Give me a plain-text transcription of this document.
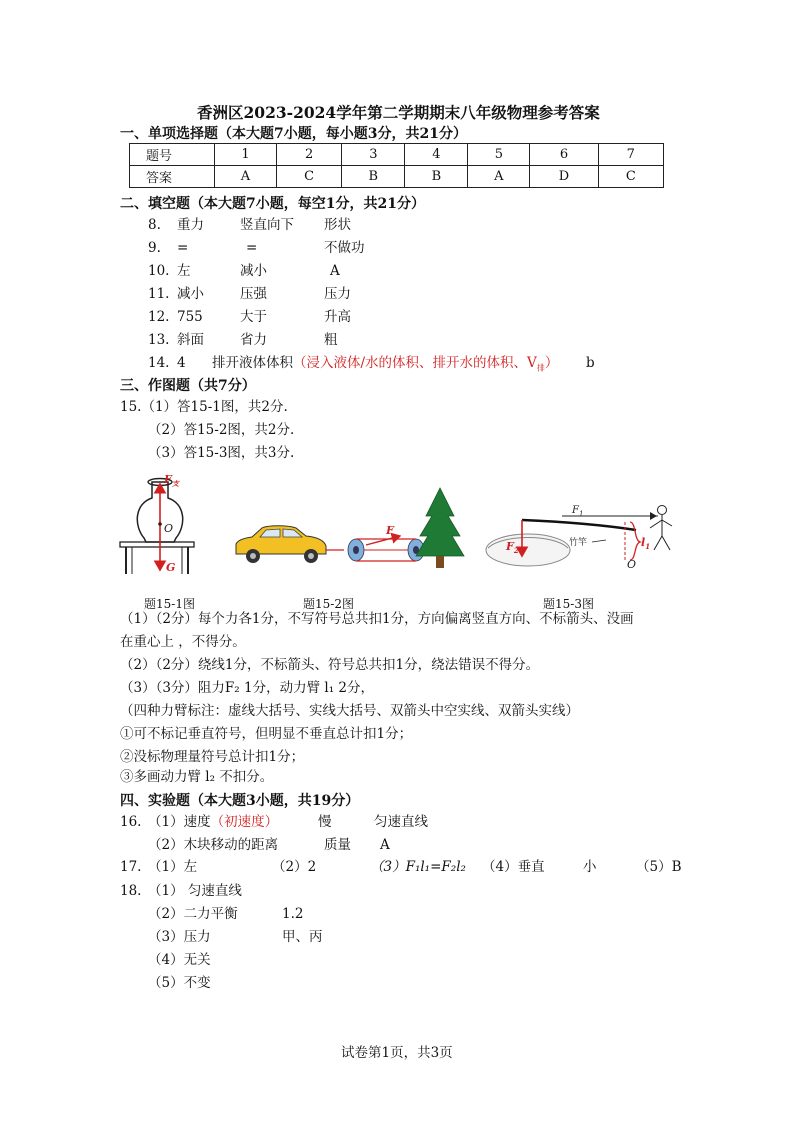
香洲区2023-2024学年第二学期期末八年级物理参考答案
一、单项选择题（本大题7小题，每小题3分，共21分）
题号	1	2	3	4	5	6	7
答案	A	C	B	B	A	D	C
二、填空题（本大题7小题，每空1分，共21分）
8. 重力	竖直向下 形状
9. =	=	不做功
10. 左	减小	A
11. 减小	压强	压力
12. 755	大于	升高
13. 斜面	省力	粗
14. 4 排开液体体积（浸入液体/水的体积、排开水的体积、$V_排$） b
三、作图题（共7分）
15.（1）答15-1图，共2分.
（2）答15-2图，共2分.
（3）答15-3图，共3分.
$F_支$
O
G
F
$F_2$
$F_1$
竹竿	$l_1$
O
题15-1图	题15-2图	题15-3图
（1）（2分）每个力各1分，不写符号总共扣1分，方向偏离竖直方向、不标箭头、没画
在重心上 ，不得分。
（2）（2分）绕线1分，不标箭头、符号总共扣1分，绕法错误不得分。
（3）（3分）阻力F₂ 1分，动力臂 l₁ 2分，
（四种力臂标注：虚线大括号、实线大括号、双箭头中空实线、双箭头实线）
①可不标记垂直符号，但明显不垂直总计扣1分；
②没标物理量符号总计扣1分；
③多画动力臂 l₂ 不扣分。
四、实验题（本大题3小题，共19分）
16. （1）速度（初速度）	慢	匀速直线
（2）木块移动的距离	质量 A
17. （1）左	（2）2	（3）F₁l₁=F₂l₂ （4）垂直	小	（5）B
18. （1） 匀速直线
（2）二力平衡	1.2
（3）压力	甲、丙
（4）无关
（5）不变
试卷第1页，共3页
